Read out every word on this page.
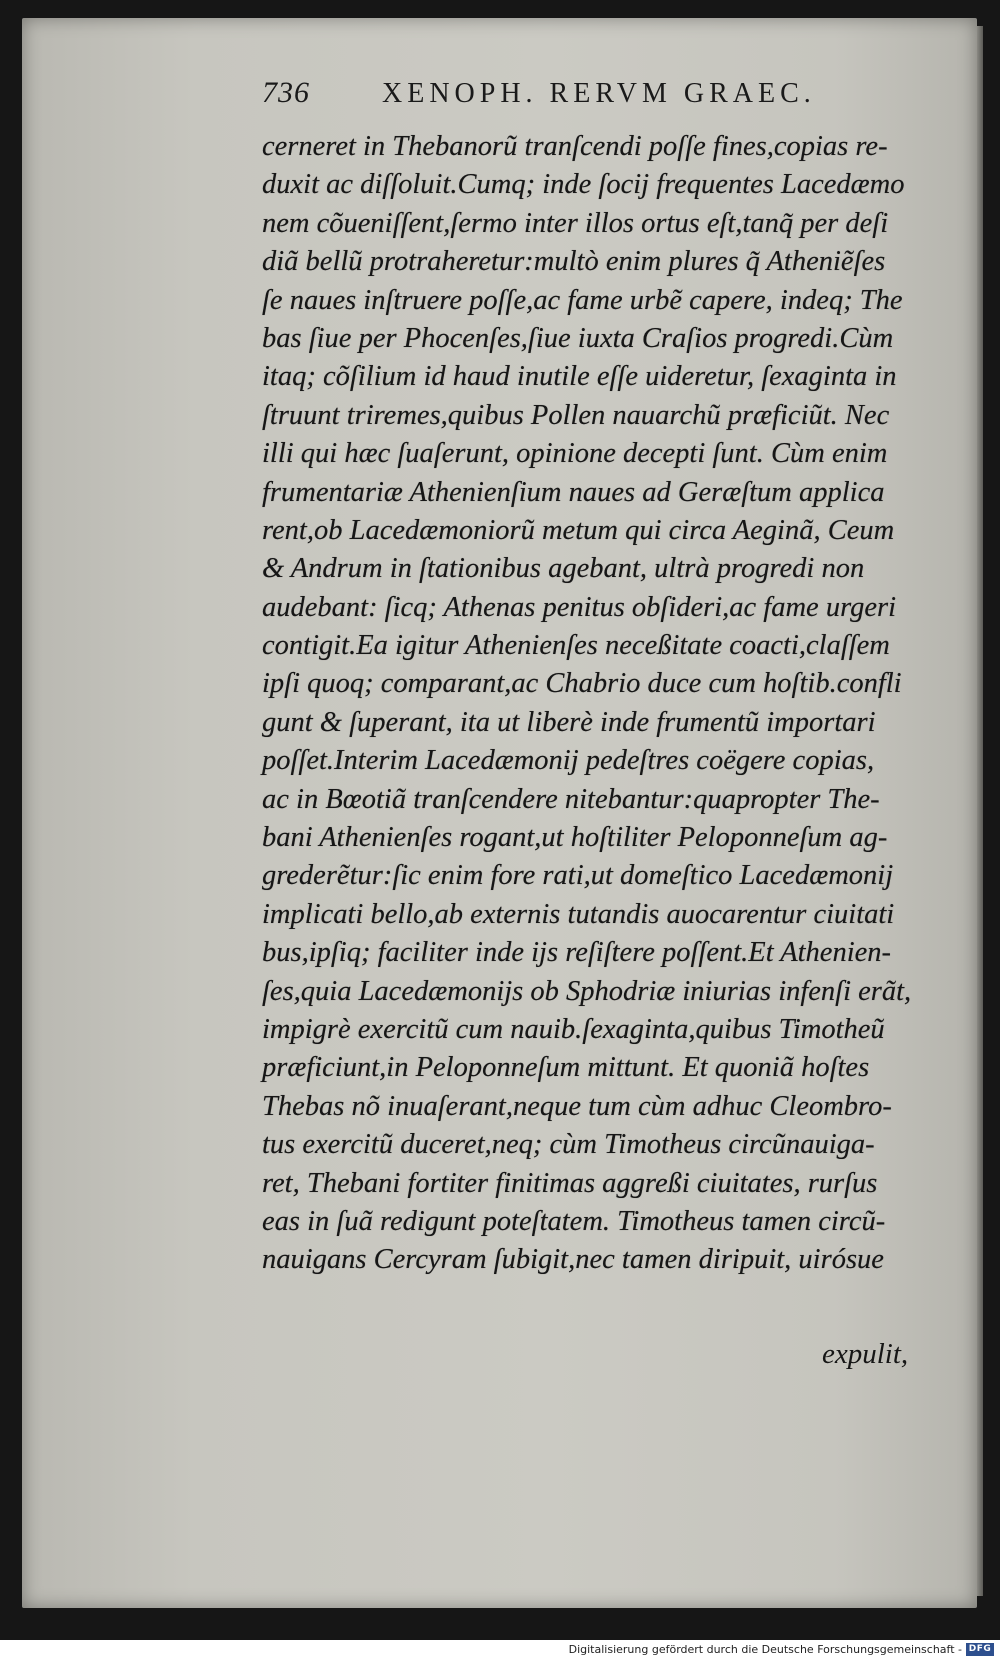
736	XENOPH. RERVM GRAEC.
cerneret in Thebanorũ tranſcendi poſſe fines,copias re-
duxit ac diſſoluit.Cumq; inde ſocij frequentes Lacedæmo
nem cõueniſſent,ſermo inter illos ortus eſt,tanq̃ per deſi
diã bellũ protraheretur:multò enim plures q̃ Atheniẽſes
ſe naues inſtruere poſſe,ac fame urbẽ capere, indeq; The
bas ſiue per Phocenſes,ſiue iuxta Craſios progredi.Cùm
itaq; cõſilium id haud inutile eſſe uideretur, ſexaginta in
ſtruunt triremes,quibus Pollen nauarchũ præficiũt. Nec
illi qui hæc ſuaſerunt, opinione decepti ſunt. Cùm enim
frumentariæ Athenienſium naues ad Geræſtum applica
rent,ob Lacedæmoniorũ metum qui circa Aeginã, Ceum
& Andrum in ſtationibus agebant, ultrà progredi non
audebant: ſicq; Athenas penitus obſideri,ac fame urgeri
contigit.Ea igitur Athenienſes neceßitate coacti,claſſem
ipſi quoq; comparant,ac Chabrio duce cum hoſtib.confli
gunt & ſuperant, ita ut liberè inde frumentũ importari
poſſet.Interim Lacedæmonij pedeſtres coëgere copias,
ac in Bœotiã tranſcendere nitebantur:quapropter The-
bani Athenienſes rogant,ut hoſtiliter Peloponneſum ag-
grederẽtur:ſic enim fore rati,ut domeſtico Lacedæmonij
implicati bello,ab externis tutandis auocarentur ciuitati
bus,ipſiq; faciliter inde ijs reſiſtere poſſent.Et Athenien-
ſes,quia Lacedæmonijs ob Sphodriæ iniurias infenſi erãt,
impigrè exercitũ cum nauib.ſexaginta,quibus Timotheũ
præficiunt,in Peloponneſum mittunt. Et quoniã hoſtes
Thebas nõ inuaſerant,neque tum cùm adhuc Cleombro-
tus exercitũ duceret,neq; cùm Timotheus circũnauiga-
ret, Thebani fortiter finitimas aggreßi ciuitates, rurſus
eas in ſuã redigunt poteſtatem. Timotheus tamen circũ-
nauigans Cercyram ſubigit,nec tamen diripuit, uirósue
expulit,
Digitalisierung gefördert durch die Deutsche Forschungsgemeinschaft - DFG
